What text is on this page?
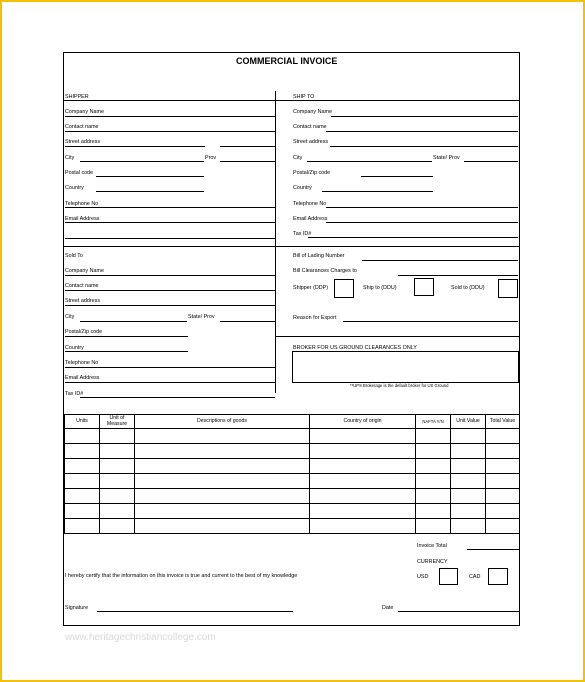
COMMERCIAL INVOICE
SHIPPER
Company Name
Contact name
Street address
City	Prov
Postal code
Country
Telephone No
Email Address
SHIP TO
Company Name
Contact name
Street address
City	State/ Prov
Postal/Zip code
Country
Telephone No
Email Address
Tax ID#
Bill of Lading Number
Bill Clearances Charges to
Shipper (DDP)	Ship to (DDU)	Sold to (DDU)
Reason for Export
BROKER FOR US GROUND CLEARANCES ONLY
**UPS Brokerage is the default broker for US Ground
Sold To
Company Name
Contact name
Street address
City	State/ Prov
Postal/Zip code
Country
Telephone No
Email Address
Tax ID#
Units	Unit of Measure	Descriptions of goods	Country of origin	NAFTA Y/N	Unit Value	Total Value

Invoice Total
CURRENCY
USD	CAD
I hereby certify that the information on this invoice is true and current to the best of my knowledge
Signature	Date
www.heritagechristiancollege.com
